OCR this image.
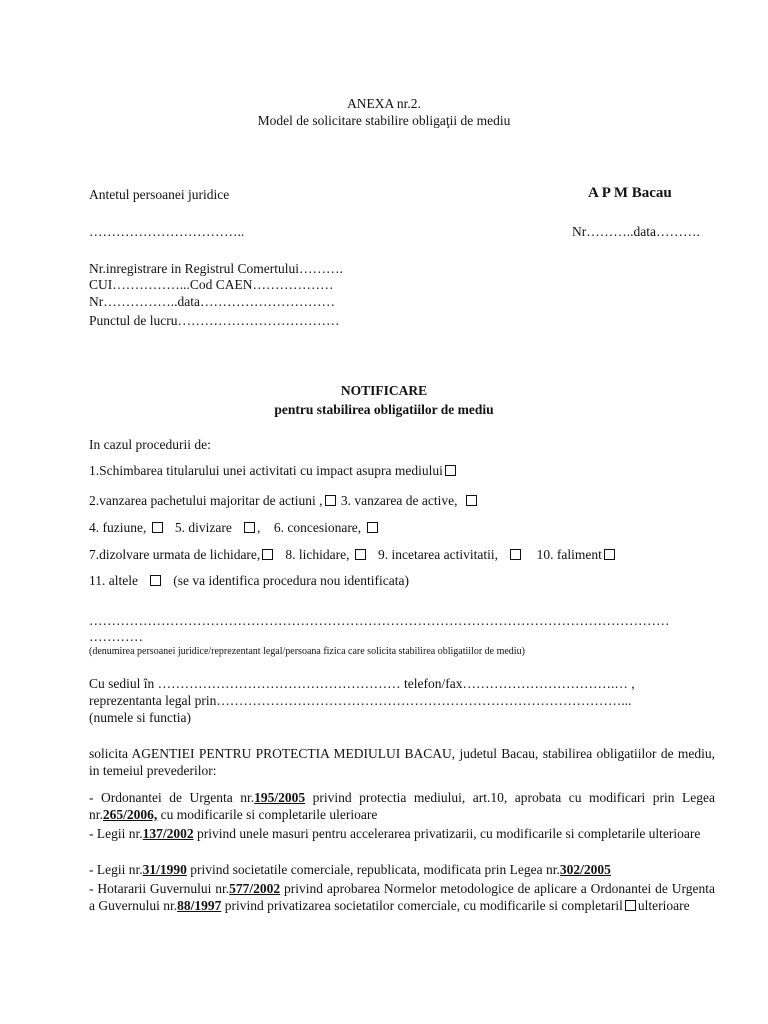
ANEXA nr.2.
Model de solicitare stabilire obligaţii de mediu
Antetul persoanei juridice	A P M Bacau
……………………………..	Nr………..data……….
Nr.inregistrare in Registrul Comertului……….
CUI……………...Cod CAEN………………
Nr……………..data…………………………
Punctul de lucru………………………………
NOTIFICARE
pentru stabilirea obligatiilor de mediu
In cazul procedurii de:
1.Schimbarea titularului unei activitati cu impact asupra mediului
2.vanzarea pachetului majoritar de actiuni , 3. vanzarea de active,
4. fuziune, 5. divizare , 6. concesionare,
7.dizolvare urmata de lichidare, 8. lichidare, 9. incetarea activitatii,	10. faliment
11. altele	(se va identifica procedura nou identificata)
…………………………………………………………………………………………………………………
…………
(denumirea persoanei juridice/reprezentant legal/persoana fizica care solicita stabilirea obligatiilor de mediu)
Cu sediul în ……………………………………………… telefon/fax…………………………….… ,
reprezentanta legal prin………………………………………………………………………………...
(numele si functia)
solicita AGENTIEI PENTRU PROTECTIA MEDIULUI BACAU, judetul Bacau, stabilirea obligatiilor de mediu, in temeiul prevederilor:
- Ordonantei de Urgenta nr.195/2005 privind protectia mediului, art.10, aprobata cu modificari prin Legea nr.265/2006, cu modificarile si completarile ulerioare
- Legii nr.137/2002 privind unele masuri pentru accelerarea privatizarii, cu modificarile si completarile ulterioare
- Legii nr.31/1990 privind societatile comerciale, republicata, modificata prin Legea nr.302/2005
- Hotararii Guvernului nr.577/2002 privind aprobarea Normelor metodologice de aplicare a Ordonantei de Urgenta a Guvernului nr.88/1997 privind privatizarea societatilor comerciale, cu modificarile si completaril ulterioare
